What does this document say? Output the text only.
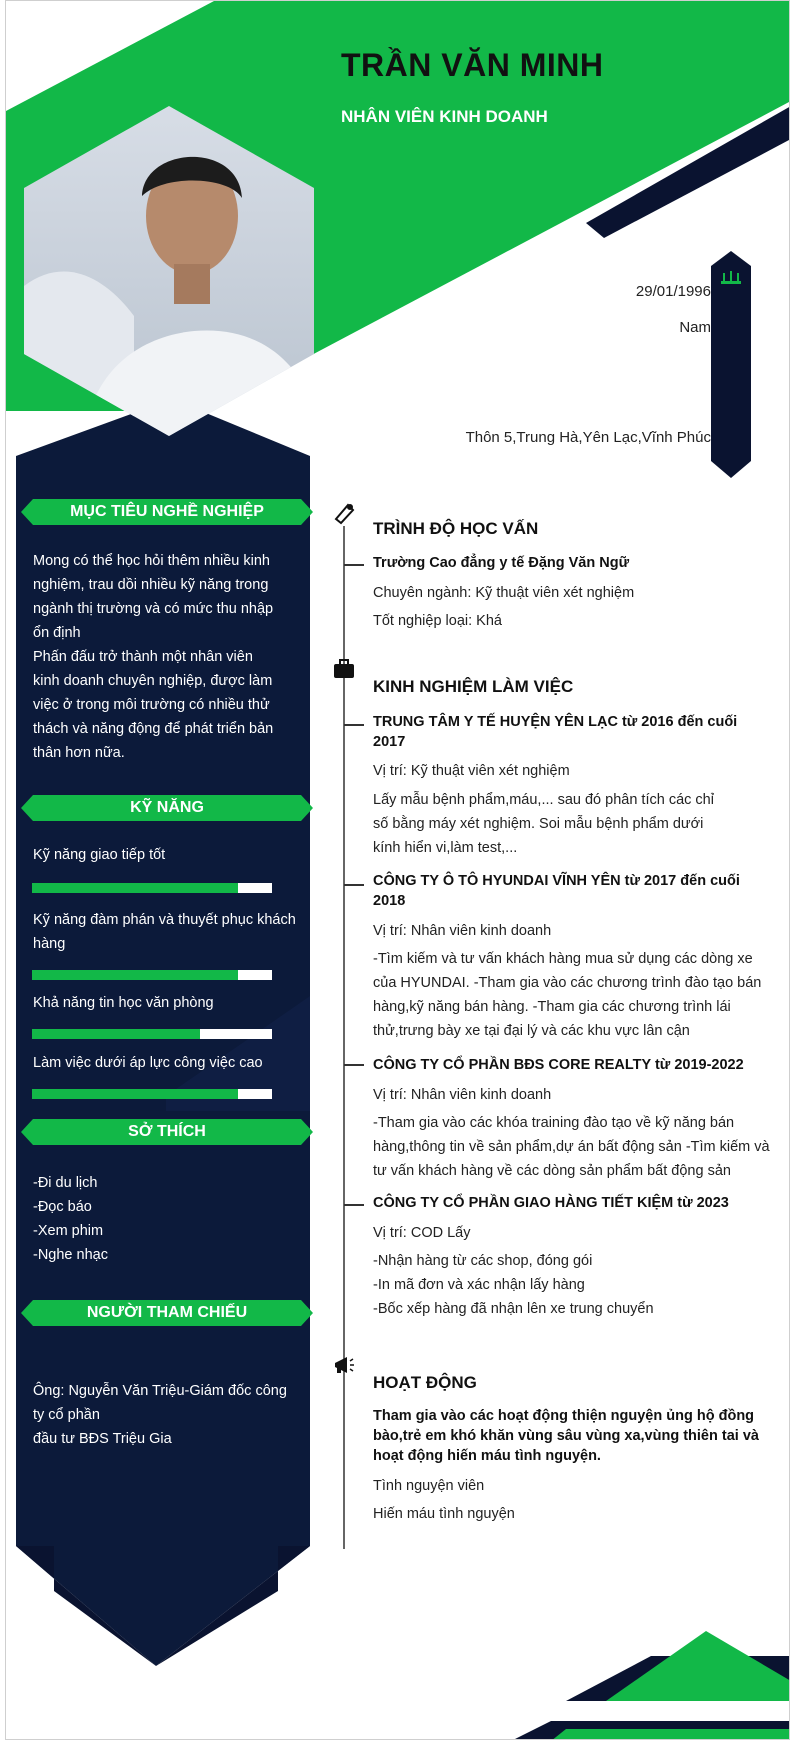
TRẦN VĂN MINH
NHÂN VIÊN KINH DOANH
29/01/1996
Nam
Thôn 5,Trung Hà,Yên Lạc,Vĩnh Phúc
MỤC TIÊU NGHỀ NGHIỆP
Mong có thể học hỏi thêm nhiều kinh nghiệm, trau dồi nhiều kỹ năng trong ngành thị trường và có mức thu nhập ổn định
Phấn đấu trở thành một nhân viên kinh doanh chuyên nghiệp, được làm việc ở trong môi trường có nhiều thử thách và năng động để phát triển bản thân hơn nữa.
KỸ NĂNG
Kỹ năng giao tiếp tốt
Kỹ năng đàm phán và thuyết phục khách hàng
Khả năng tin học văn phòng
Làm việc dưới áp lực công việc cao
SỞ THÍCH
-Đi du lịch
-Đọc báo
-Xem phim
-Nghe nhạc
NGƯỜI THAM CHIẾU
Ông: Nguyễn Văn Triệu-Giám đốc công ty cổ phần
đầu tư BĐS Triệu Gia
TRÌNH ĐỘ HỌC VẤN
Trường Cao đẳng y tế Đặng Văn Ngữ
Chuyên ngành: Kỹ thuật viên xét nghiệm
Tốt nghiệp loại: Khá
KINH NGHIỆM LÀM VIỆC
TRUNG TÂM Y TẾ HUYỆN YÊN LẠC từ 2016 đến cuối 2017
Vị trí: Kỹ thuật viên xét nghiệm
Lấy mẫu bệnh phẩm,máu,... sau đó phân tích các chỉ số bằng máy xét nghiệm. Soi mẫu bệnh phẩm dưới kính hiển vi,làm test,...
CÔNG TY Ô TÔ HYUNDAI VĨNH YÊN từ 2017 đến cuối 2018
Vị trí: Nhân viên kinh doanh
-Tìm kiếm và tư vấn khách hàng mua sử dụng các dòng xe của HYUNDAI. -Tham gia vào các chương trình đào tạo bán hàng,kỹ năng bán hàng. -Tham gia các chương trình lái thử,trưng bày xe tại đại lý và các khu vực lân cận
CÔNG TY CỔ PHẦN BĐS CORE REALTY từ 2019-2022
Vị trí: Nhân viên kinh doanh
-Tham gia vào các khóa training đào tạo về kỹ năng bán hàng,thông tin về sản phẩm,dự án bất động sản -Tìm kiếm và tư vấn khách hàng về các dòng sản phẩm bất động sản
CÔNG TY CỔ PHẦN GIAO HÀNG TIẾT KIỆM từ 2023
Vị trí: COD Lấy
-Nhận hàng từ các shop, đóng gói
-In mã đơn và xác nhận lấy hàng
-Bốc xếp hàng đã nhận lên xe trung chuyển
HOẠT ĐỘNG
Tham gia vào các hoạt động thiện nguyện ủng hộ đồng bào,trẻ em khó khăn vùng sâu vùng xa,vùng thiên tai và hoạt động hiến máu tình nguyện.
Tình nguyện viên
Hiến máu tình nguyện
